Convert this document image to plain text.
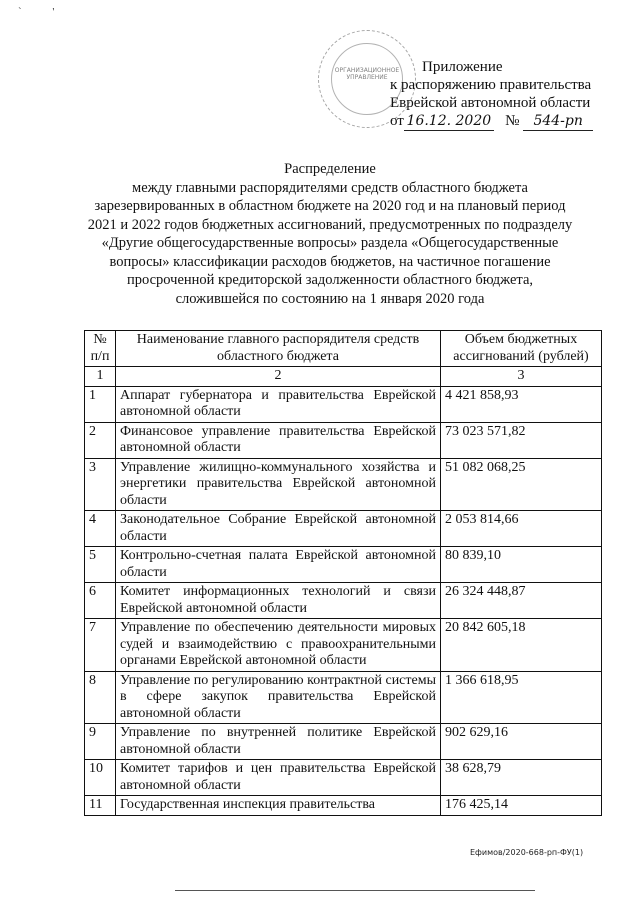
` '
ОРГАНИЗАЦИОННОЕ
УПРАВЛЕНИЕ
Приложение
к распоряжению правительства
Еврейской автономной области
от 16.12. 2020 № 544-рп
Распределение
между главными распорядителями средств областного бюджета
зарезервированных в областном бюджете на 2020 год и на плановый период
2021 и 2022 годов бюджетных ассигнований, предусмотренных по подразделу
«Другие общегосударственные вопросы» раздела «Общегосударственные
вопросы» классификации расходов бюджетов, на частичное погашение
просроченной кредиторской задолженности областного бюджета,
сложившейся по состоянию на 1 января 2020 года
№ п/п	Наименование главного распорядителя средств областного бюджета	Объем бюджетных ассигнований (рублей)
1	2	3
1	Аппарат губернатора и правительства Еврейской автономной области	4 421 858,93
2	Финансовое управление правительства Еврейской автономной области	73 023 571,82
3	Управление жилищно-коммунального хозяйства и энергетики правительства Еврейской автономной области	51 082 068,25
4	Законодательное Собрание Еврейской автономной области	2 053 814,66
5	Контрольно-счетная палата Еврейской автономной области	80 839,10
6	Комитет информационных технологий и связи Еврейской автономной области	26 324 448,87
7	Управление по обеспечению деятельности мировых судей и взаимодействию с правоохранительными органами Еврейской автономной области	20 842 605,18
8	Управление по регулированию контрактной системы в сфере закупок правительства Еврейской автономной области	1 366 618,95
9	Управление по внутренней политике Еврейской автономной области	902 629,16
10	Комитет тарифов и цен правительства Еврейской автономной области	38 628,79
11	Государственная инспекция правительства	176 425,14
Ефимов/2020-668-рп-ФУ(1)
